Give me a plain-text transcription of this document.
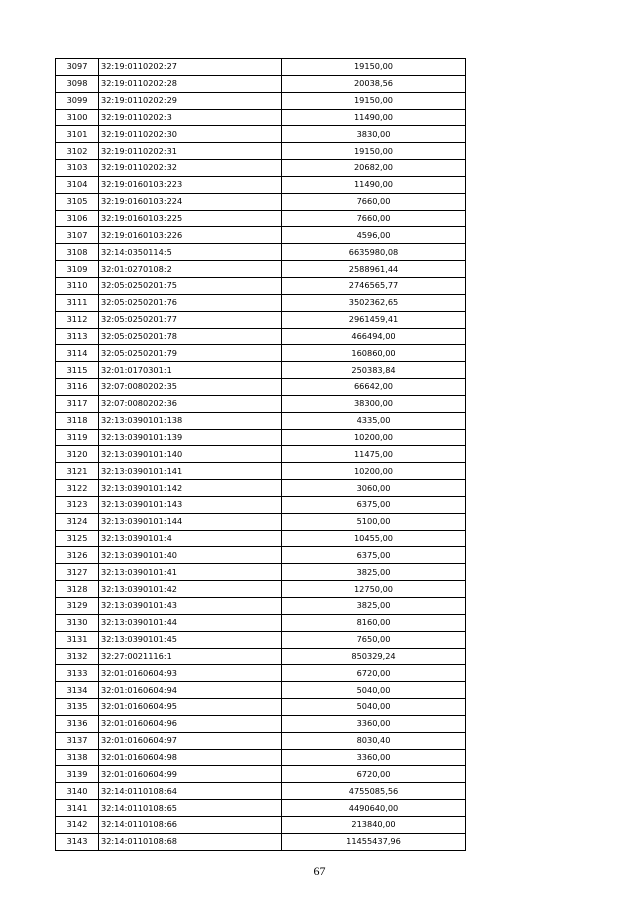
3097	32:19:0110202:27	19150,00
3098	32:19:0110202:28	20038,56
3099	32:19:0110202:29	19150,00
3100	32:19:0110202:3	11490,00
3101	32:19:0110202:30	3830,00
3102	32:19:0110202:31	19150,00
3103	32:19:0110202:32	20682,00
3104	32:19:0160103:223	11490,00
3105	32:19:0160103:224	7660,00
3106	32:19:0160103:225	7660,00
3107	32:19:0160103:226	4596,00
3108	32:14:0350114:5	6635980,08
3109	32:01:0270108:2	2588961,44
3110	32:05:0250201:75	2746565,77
3111	32:05:0250201:76	3502362,65
3112	32:05:0250201:77	2961459,41
3113	32:05:0250201:78	466494,00
3114	32:05:0250201:79	160860,00
3115	32:01:0170301:1	250383,84
3116	32:07:0080202:35	66642,00
3117	32:07:0080202:36	38300,00
3118	32:13:0390101:138	4335,00
3119	32:13:0390101:139	10200,00
3120	32:13:0390101:140	11475,00
3121	32:13:0390101:141	10200,00
3122	32:13:0390101:142	3060,00
3123	32:13:0390101:143	6375,00
3124	32:13:0390101:144	5100,00
3125	32:13:0390101:4	10455,00
3126	32:13:0390101:40	6375,00
3127	32:13:0390101:41	3825,00
3128	32:13:0390101:42	12750,00
3129	32:13:0390101:43	3825,00
3130	32:13:0390101:44	8160,00
3131	32:13:0390101:45	7650,00
3132	32:27:0021116:1	850329,24
3133	32:01:0160604:93	6720,00
3134	32:01:0160604:94	5040,00
3135	32:01:0160604:95	5040,00
3136	32:01:0160604:96	3360,00
3137	32:01:0160604:97	8030,40
3138	32:01:0160604:98	3360,00
3139	32:01:0160604:99	6720,00
3140	32:14:0110108:64	4755085,56
3141	32:14:0110108:65	4490640,00
3142	32:14:0110108:66	213840,00
3143	32:14:0110108:68	11455437,96
67
